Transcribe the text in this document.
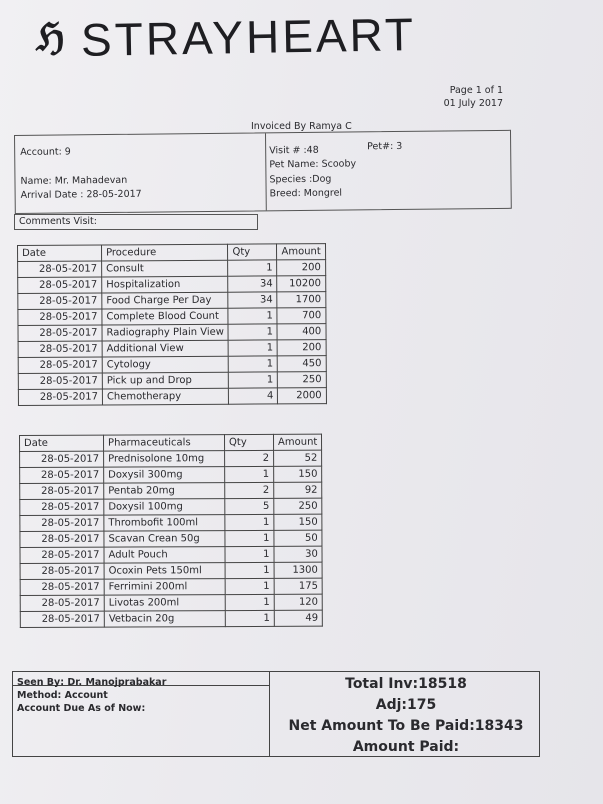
ℌ STRAYHEART
Page 1 of 1
01 July 2017
Invoiced By Ramya C
Account: 9
Name: Mr. Mahadevan
Arrival Date : 28-05-2017
Visit # :48	Pet#: 3
Pet Name: Scooby
Species :Dog
Breed: Mongrel
Comments Visit:
Date	Procedure	Qty	Amount
28-05-2017	Consult	1	200
28-05-2017	Hospitalization	34	10200
28-05-2017	Food Charge Per Day	34	1700
28-05-2017	Complete Blood Count	1	700
28-05-2017	Radiography Plain View	1	400
28-05-2017	Additional View	1	200
28-05-2017	Cytology	1	450
28-05-2017	Pick up and Drop	1	250
28-05-2017	Chemotherapy	4	2000
Date	Pharmaceuticals	Qty	Amount
28-05-2017	Prednisolone 10mg	2	52
28-05-2017	Doxysil 300mg	1	150
28-05-2017	Pentab 20mg	2	92
28-05-2017	Doxysil 100mg	5	250
28-05-2017	Thrombofit 100ml	1	150
28-05-2017	Scavan Crean 50g	1	50
28-05-2017	Adult Pouch	1	30
28-05-2017	Ocoxin Pets 150ml	1	1300
28-05-2017	Ferrimini 200ml	1	175
28-05-2017	Livotas 200ml	1	120
28-05-2017	Vetbacin 20g	1	49
Seen By: Dr. Manojprabakar
Method: Account
Account Due As of Now:
Total Inv:18518
Adj:175
Net Amount To Be Paid:18343
Amount Paid:
